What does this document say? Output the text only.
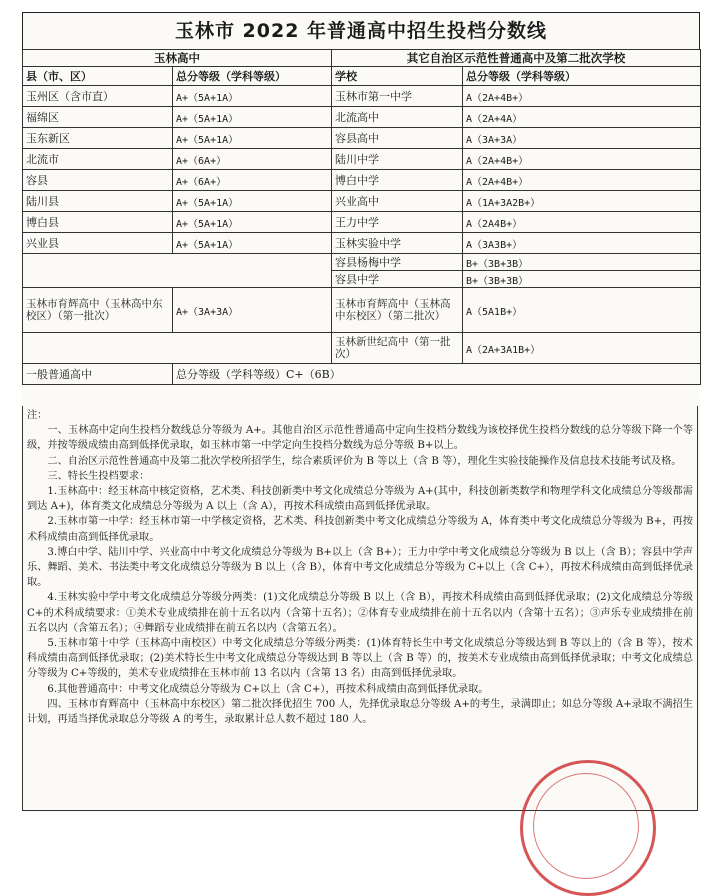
玉林市 2022 年普通高中招生投档分数线
玉林高中		其它自治区示范性普通高中及第二批次学校	
县（市、区）	总分等级（学科等级）	学校	总分等级（学科等级）
玉州区（含市直）	A+（5A+1A）	玉林市第一中学	A（2A+4B+）
福绵区	A+（5A+1A）	北流高中	A（2A+4A）
玉东新区	A+（5A+1A）	容县高中	A（3A+3A）
北流市	A+（6A+）	陆川中学	A（2A+4B+）
容县	A+（6A+）	博白中学	A（2A+4B+）
陆川县	A+（5A+1A）	兴业高中	A（1A+3A2B+）
博白县	A+（5A+1A）	王力中学	A（2A4B+）
兴业县	A+（5A+1A）	玉林实验中学	A（3A3B+）
		容县杨梅中学	B+（3B+3B）
		容县中学	B+（3B+3B）
玉林市育辉高中（玉林高中东校区）（第一批次）	A+（3A+3A）	玉林市育辉高中（玉林高中东校区）（第二批次）	A（5A1B+）
		玉林新世纪高中（第一批次）	A（2A+3A1B+）
一般普通高中	总分等级（学科等级）C+（6B）		

注：

一、玉林高中定向生投档分数线总分等级为 A+。其他自治区示范性普通高中定向生投档分数线为该校择优生投档分数线的总分等级下降一个等级，并按等级成绩由高到低择优录取，如玉林市第一中学定向生投档分数线为总分等级 B+以上。

二、自治区示范性普通高中及第二批次学校所招学生，综合素质评价为 B 等以上（含 B 等），理化生实验技能操作及信息技术技能考试及格。

三、特长生投档要求：

1.玉林高中：经玉林高中核定资格，艺术类、科技创新类中考文化成绩总分等级为 A+(其中，科技创新类数学和物理学科文化成绩总分等级都需到达 A+)，体育类文化成绩总分等级为 A 以上（含 A），再按术科成绩由高到低择优录取。

2.玉林市第一中学：经玉林市第一中学核定资格，艺术类、科技创新类中考文化成绩总分等级为 A，体育类中考文化成绩总分等级为 B+，再按术科成绩由高到低择优录取。

3.博白中学、陆川中学、兴业高中中考文化成绩总分等级为 B+以上（含 B+）；王力中学中考文化成绩总分等级为 B 以上（含 B）；容县中学声乐、舞蹈、美术、书法类中考文化成绩总分等级为 B 以上（含 B），体育中考文化成绩总分等级为 C+以上（含 C+），再按术科成绩由高到低择优录取。

4.玉林实验中学中考文化成绩总分等级分两类：(1)文化成绩总分等级 B 以上（含 B），再按术科成绩由高到低择优录取；(2)文化成绩总分等级 C+的术科成绩要求：①美术专业成绩排在前十五名以内（含第十五名）；②体育专业成绩排在前十五名以内（含第十五名）；③声乐专业成绩排在前五名以内（含第五名）；④舞蹈专业成绩排在前五名以内（含第五名）。

5.玉林市第十中学（玉林高中南校区）中考文化成绩总分等级分两类：(1)体育特长生中考文化成绩总分等级达到 B 等以上的（含 B 等），按术科成绩由高到低择优录取；(2)美术特长生中考文化成绩总分等级达到 B 等以上（含 B 等）的，按美术专业成绩由高到低择优录取；中考文化成绩总分等级为 C+等级的，美术专业成绩排在玉林市前 13 名以内（含第 13 名）由高到低择优录取。

6.其他普通高中：中考文化成绩总分等级为 C+以上（含 C+），再按术科成绩由高到低择优录取。

四、玉林市育辉高中（玉林高中东校区）第二批次择优招生 700 人，先择优录取总分等级 A+的考生，录满即止；如总分等级 A+录取不满招生计划，再适当择优录取总分等级 A 的考生，录取累计总人数不超过 180 人。
